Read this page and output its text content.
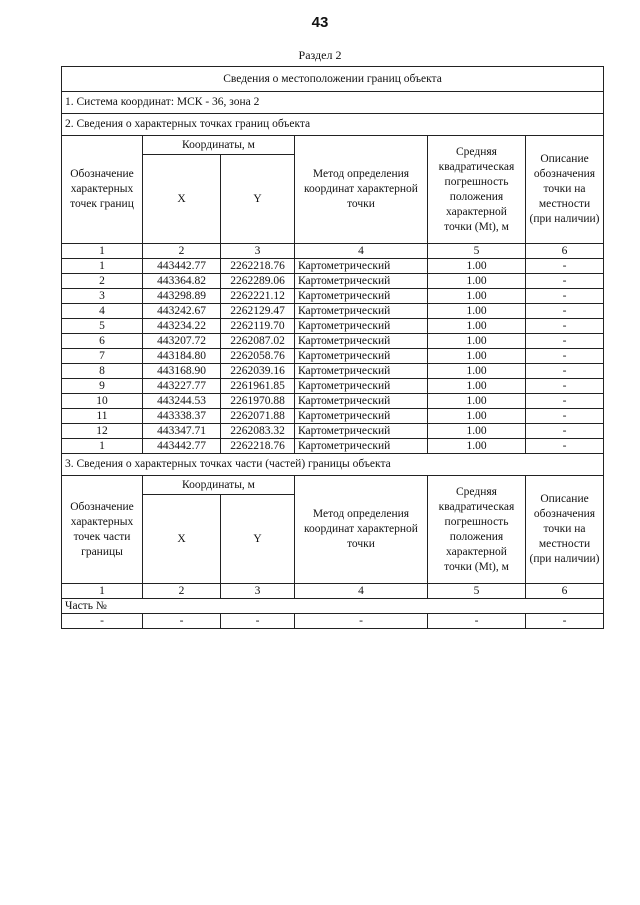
43
Раздел 2
Сведения о местоположении границ объекта					
1. Система координат: МСК - 36, зона 2					
2. Сведения о характерных точках границ объекта					
Обозначение характерных точек границ	Координаты, м		Метод определения координат характерной точки	Средняя квадратическая погрешность положения характерной точки (Mt), м	Описание обозначения точки на местности (при наличии)
	X	Y			
1	2	3	4	5	6
1	443442.77	2262218.76	Картометрический	1.00	-
2	443364.82	2262289.06	Картометрический	1.00	-
3	443298.89	2262221.12	Картометрический	1.00	-
4	443242.67	2262129.47	Картометрический	1.00	-
5	443234.22	2262119.70	Картометрический	1.00	-
6	443207.72	2262087.02	Картометрический	1.00	-
7	443184.80	2262058.76	Картометрический	1.00	-
8	443168.90	2262039.16	Картометрический	1.00	-
9	443227.77	2261961.85	Картометрический	1.00	-
10	443244.53	2261970.88	Картометрический	1.00	-
11	443338.37	2262071.88	Картометрический	1.00	-
12	443347.71	2262083.32	Картометрический	1.00	-
1	443442.77	2262218.76	Картометрический	1.00	-
3. Сведения о характерных точках части (частей) границы объекта					
Обозначение характерных точек части границы	Координаты, м		Метод определения координат характерной точки	Средняя квадратическая погрешность положения характерной точки (Mt), м	Описание обозначения точки на местности (при наличии)
	X	Y			
1	2	3	4	5	6
Часть №					
-	-	-	-	-	-
